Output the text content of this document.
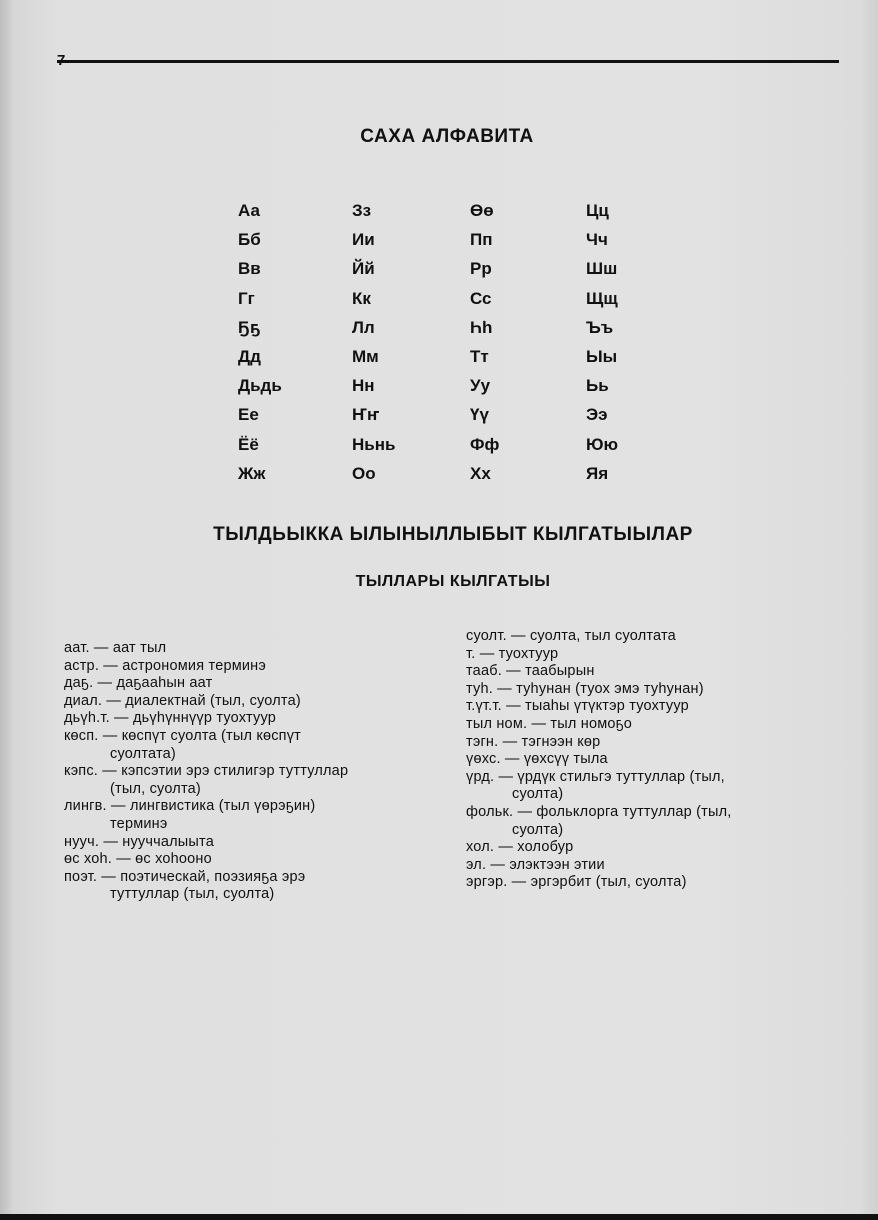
САХА АЛФАВИТА
Аа
Бб
Вв
Гг
Ҕҕ
Дд
Дьдь
Ее
Ёё
Жж
Зз
Ии
Йй
Кк
Лл
Мм
Нн
Ҥҥ
Ньнь
Оо
Өө
Пп
Рр
Сс
Һһ
Тт
Уу
Үү
Фф
Хх
Цц
Чч
Шш
Щщ
Ъъ
Ыы
Ьь
Ээ
Юю
Яя
ТЫЛДЬЫККА ЫЛЫНЫЛЛЫБЫТ КЫЛГАТЫЫЛАР
ТЫЛЛАРЫ КЫЛГАТЫЫ
аат. — аат тыл
астр. — астрономия терминэ
даҕ. — даҕааһын аат
диал. — диалектнай (тыл, суолта)
дьүһ.т. — дьүһүннүүр туохтуур
көсп. — көспүт суолта (тыл көспүт
суолтата)
кэпс. — кэпсэтии эрэ стилигэр туттуллар
(тыл, суолта)
лингв. — лингвистика (тыл үөрэҕин)
терминэ
нууч. — нууччалыыта
өс хоһ. — өс хоһооно
поэт. — поэтическай, поэзияҕа эрэ
туттуллар (тыл, суолта)
суолт. — суолта, тыл суолтата
т. — туохтуур
тааб. — таабырын
туһ. — туһунан (туох эмэ туһунан)
т.үт.т. — тыаһы үтүктэр туохтуур
тыл ном. — тыл номоҕо
тэгн. — тэгнээн көр
үөхс. — үөхсүү тыла
үрд. — үрдүк стильгэ туттуллар (тыл,
суолта)
фольк. — фольклорга туттуллар (тыл,
суолта)
хол. — холобур
эл. — элэктээн этии
эргэр. — эргэрбит (тыл, суолта)
